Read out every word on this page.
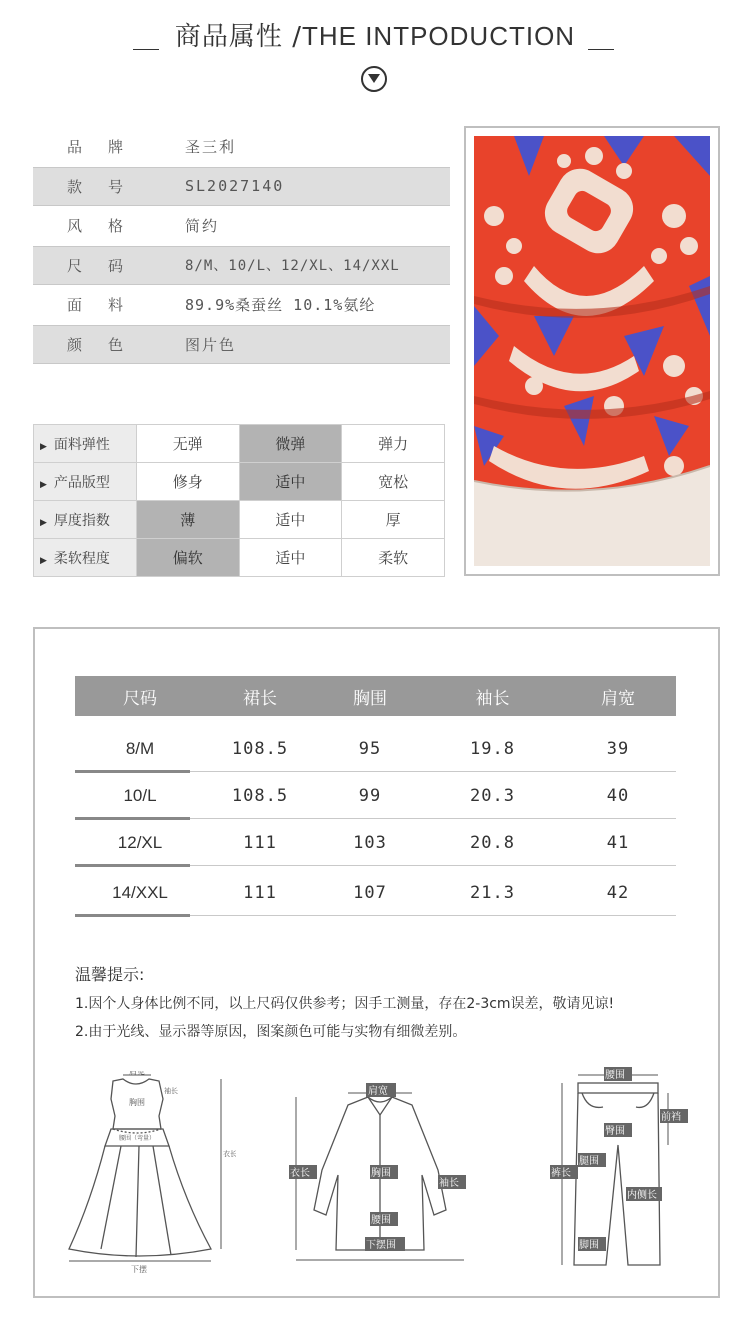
商品属性 /THE INTPODUCTION
品牌	圣三利
款号	SL2027140
风格	简约
尺码	8/M、10/L、12/XL、14/XXL
面料	89.9%桑蚕丝 10.1%氨纶
颜色	图片色
▶ 面料弹性	无弹	微弹	弹力
▶ 产品版型	修身	适中	宽松
▶ 厚度指数	薄	适中	厚
▶ 柔软程度	偏软	适中	柔软
尺码	裙长	胸围	袖长	肩宽
8/M	108.5	95	19.8	39
10/L	108.5	99	20.3	40
12/XL	111	103	20.8	41
14/XXL	111	107	21.3	42
温馨提示:
1.因个人身体比例不同，以上尺码仅供参考；因手工测量，存在2-3cm误差，敬请见谅!
2.由于光线、显示器等原因，图案颜色可能与实物有细微差别。
肩宽
胸围
袖长
腰围（弯量）
衣长
下摆
肩宽
衣长	胸围
袖长
腰围
下摆围
腰围
前裆
臀围
裤长
腿围
内侧长
脚围
